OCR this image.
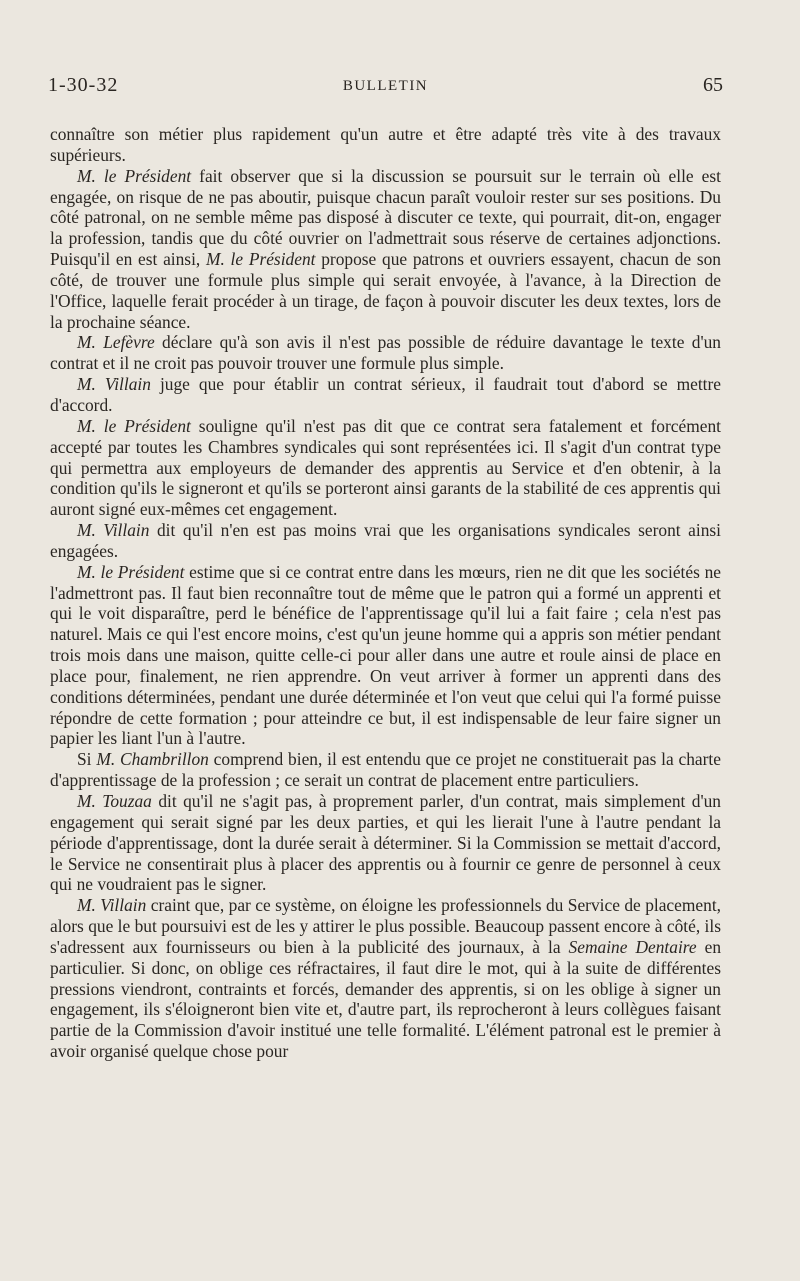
1-30-32	BULLETIN	65

connaître son métier plus rapidement qu'un autre et être adapté très vite à des travaux supérieurs.

M. le Président fait observer que si la discussion se poursuit sur le terrain où elle est engagée, on risque de ne pas aboutir, puisque chacun paraît vouloir rester sur ses positions. Du côté patronal, on ne semble même pas disposé à discuter ce texte, qui pourrait, dit-on, engager la profession, tandis que du côté ouvrier on l'admettrait sous réserve de certaines adjonctions. Puisqu'il en est ainsi, M. le Président propose que patrons et ouvriers essayent, chacun de son côté, de trouver une formule plus simple qui serait envoyée, à l'avance, à la Direction de l'Office, laquelle ferait procéder à un tirage, de façon à pouvoir discuter les deux textes, lors de la prochaine séance.

M. Lefèvre déclare qu'à son avis il n'est pas possible de réduire davantage le texte d'un contrat et il ne croit pas pouvoir trouver une formule plus simple.

M. Villain juge que pour établir un contrat sérieux, il faudrait tout d'abord se mettre d'accord.

M. le Président souligne qu'il n'est pas dit que ce contrat sera fatalement et forcément accepté par toutes les Chambres syndicales qui sont représentées ici. Il s'agit d'un contrat type qui permettra aux employeurs de demander des apprentis au Service et d'en obtenir, à la condition qu'ils le signeront et qu'ils se porteront ainsi garants de la stabilité de ces apprentis qui auront signé eux-mêmes cet engagement.

M. Villain dit qu'il n'en est pas moins vrai que les organisations syndicales seront ainsi engagées.

M. le Président estime que si ce contrat entre dans les mœurs, rien ne dit que les sociétés ne l'admettront pas. Il faut bien reconnaître tout de même que le patron qui a formé un apprenti et qui le voit disparaître, perd le bénéfice de l'apprentissage qu'il lui a fait faire ; cela n'est pas naturel. Mais ce qui l'est encore moins, c'est qu'un jeune homme qui a appris son métier pendant trois mois dans une maison, quitte celle-ci pour aller dans une autre et roule ainsi de place en place pour, finalement, ne rien apprendre. On veut arriver à former un apprenti dans des conditions déterminées, pendant une durée déterminée et l'on veut que celui qui l'a formé puisse répondre de cette formation ; pour atteindre ce but, il est indispensable de leur faire signer un papier les liant l'un à l'autre.

Si M. Chambrillon comprend bien, il est entendu que ce projet ne constituerait pas la charte d'apprentissage de la profession ; ce serait un contrat de placement entre particuliers.

M. Touzaa dit qu'il ne s'agit pas, à proprement parler, d'un contrat, mais simplement d'un engagement qui serait signé par les deux parties, et qui les lierait l'une à l'autre pendant la période d'apprentissage, dont la durée serait à déterminer. Si la Commission se mettait d'accord, le Service ne consentirait plus à placer des apprentis ou à fournir ce genre de personnel à ceux qui ne voudraient pas le signer.

M. Villain craint que, par ce système, on éloigne les professionnels du Service de placement, alors que le but poursuivi est de les y attirer le plus possible. Beaucoup passent encore à côté, ils s'adressent aux fournisseurs ou bien à la publicité des journaux, à la Semaine Dentaire en particulier. Si donc, on oblige ces réfractaires, il faut dire le mot, qui à la suite de différentes pressions viendront, contraints et forcés, demander des apprentis, si on les oblige à signer un engagement, ils s'éloigneront bien vite et, d'autre part, ils reprocheront à leurs collègues faisant partie de la Commission d'avoir institué une telle formalité. L'élément patronal est le premier à avoir organisé quelque chose pour
